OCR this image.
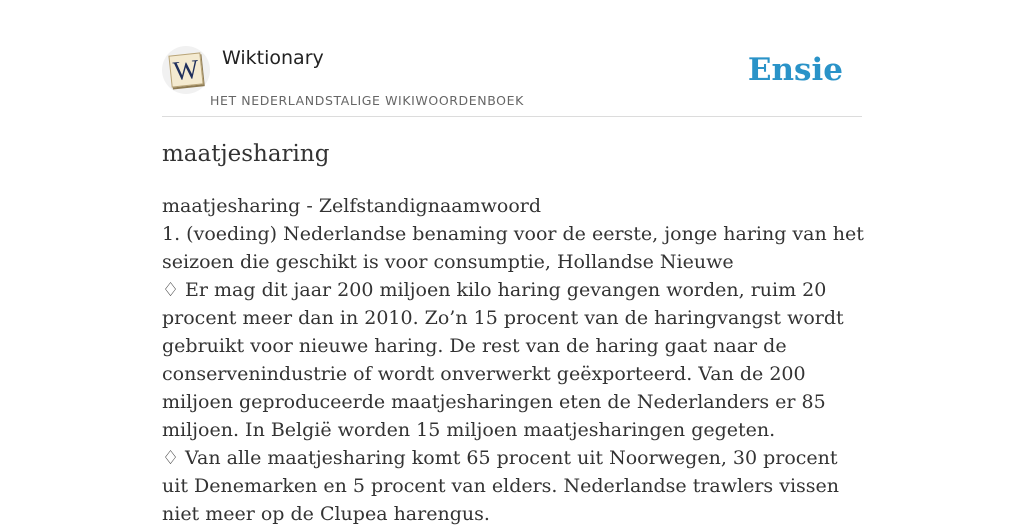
W Wiktionary
HET NEDERLANDSTALIGE WIKIWOORDENBOEK
Ensie
maatjesharing

maatjesharing - Zelfstandignaamwoord

1. (voeding) Nederlandse benaming voor de eerste, jonge haring van het seizoen die geschikt is voor consumptie, Hollandse Nieuwe

♢ Er mag dit jaar 200 miljoen kilo haring gevangen worden, ruim 20 procent meer dan in 2010. Zo’n 15 procent van de haringvangst wordt gebruikt voor nieuwe haring. De rest van de haring gaat naar de conservenindustrie of wordt onverwerkt geëxporteerd. Van de 200 miljoen geproduceerde maatjesharingen eten de Nederlanders er 85 miljoen. In België worden 15 miljoen maatjesharingen gegeten.

♢ Van alle maatjesharing komt 65 procent uit Noorwegen, 30 procent uit Denemarken en 5 procent van elders. Nederlandse trawlers vissen niet meer op de Clupea harengus.
